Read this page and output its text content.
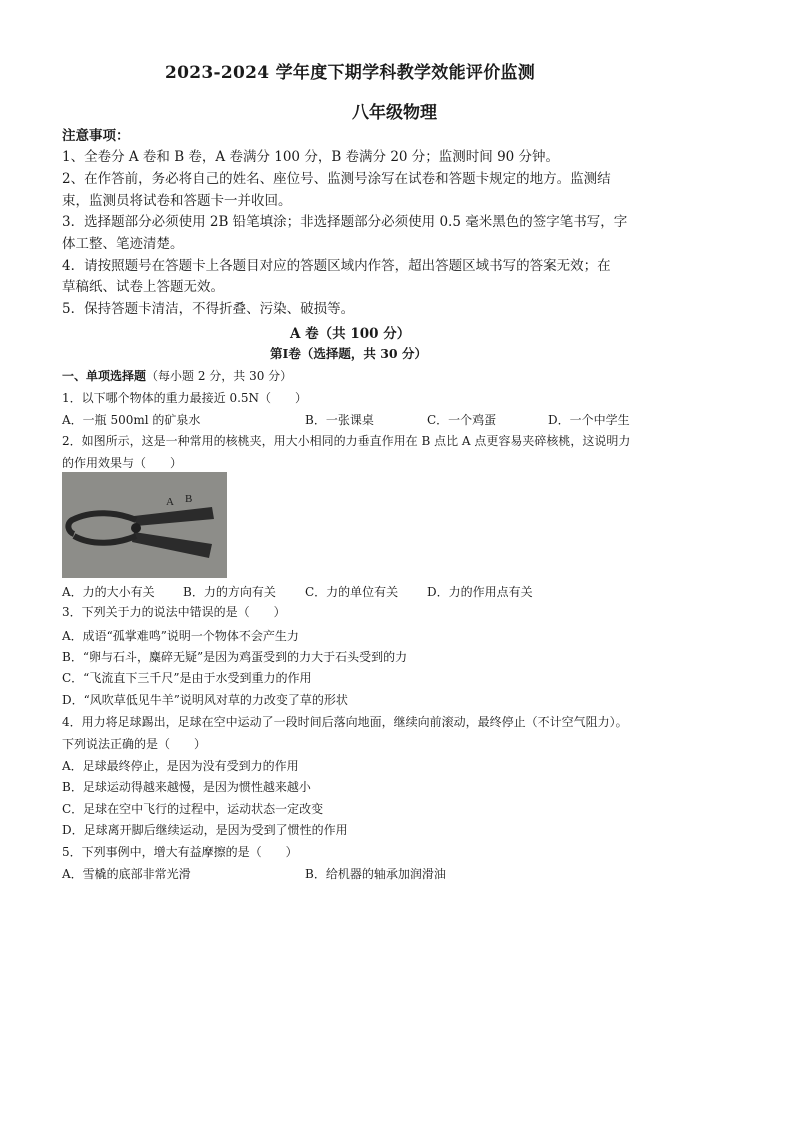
2023-2024 学年度下期学科教学效能评价监测
八年级物理
注意事项：
1、全卷分 A 卷和 B 卷，A 卷满分 100 分，B 卷满分 20 分；监测时间 90 分钟。
2、在作答前，务必将自己的姓名、座位号、监测号涂写在试卷和答题卡规定的地方。监测结
束，监测员将试卷和答题卡一并收回。
3．选择题部分必须使用 2B 铅笔填涂；非选择题部分必须使用 0.5 毫米黑色的签字笔书写，字
体工整、笔迹清楚。
4．请按照题号在答题卡上各题目对应的答题区域内作答，超出答题区域书写的答案无效；在
草稿纸、试卷上答题无效。
5．保持答题卡清洁，不得折叠、污染、破损等。
A 卷（共 100 分）
第Ⅰ卷（选择题，共 30 分）
一、单项选择题（每小题 2 分，共 30 分）
1．以下哪个物体的重力最接近 0.5N（　　）
A．一瓶 500ml 的矿泉水	B．一张课桌	C．一个鸡蛋	D．一个中学生
2．如图所示，这是一种常用的核桃夹，用大小相同的力垂直作用在 B 点比 A 点更容易夹碎核桃，这说明力
的作用效果与（　　）
A B
A．力的大小有关 B．力的方向有关 C．力的单位有关 D．力的作用点有关
3．下列关于力的说法中错误的是（　　）
A．成语“孤掌难鸣”说明一个物体不会产生力
B．“卵与石斗，麋碎无疑”是因为鸡蛋受到的力大于石头受到的力
C．“飞流直下三千尺”是由于水受到重力的作用
D．“风吹草低见牛羊”说明风对草的力改变了草的形状
4．用力将足球踢出，足球在空中运动了一段时间后落向地面，继续向前滚动，最终停止（不计空气阻力）。
下列说法正确的是（　　）
A．足球最终停止，是因为没有受到力的作用
B．足球运动得越来越慢，是因为惯性越来越小
C．足球在空中飞行的过程中，运动状态一定改变
D．足球离开脚后继续运动，是因为受到了惯性的作用
5．下列事例中，增大有益摩擦的是（　　）
A．雪橇的底部非常光滑	B．给机器的轴承加润滑油
